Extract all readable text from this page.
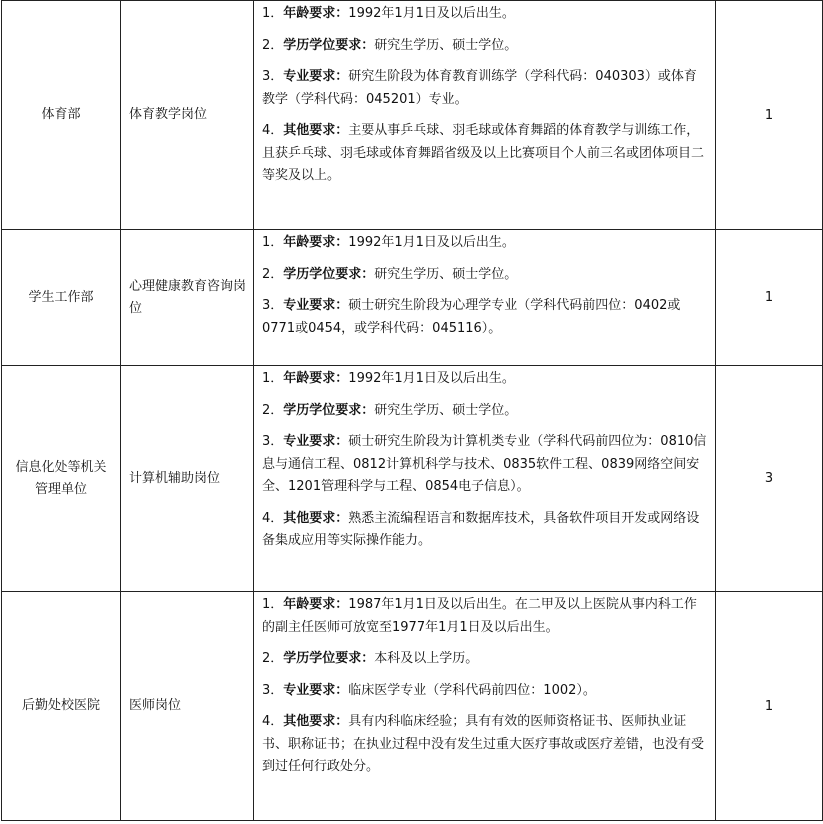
体育部	体育教学岗位	1．年龄要求：1992年1月1日及以后出生。
2．学历学位要求：研究生学历、硕士学位。
3．专业要求：研究生阶段为体育教育训练学（学科代码：040303）或体育教学（学科代码：045201）专业。
4．其他要求：主要从事乒乓球、羽毛球或体育舞蹈的体育教学与训练工作，且获乒乓球、羽毛球或体育舞蹈省级及以上比赛项目个人前三名或团体项目二等奖及以上。	1
学生工作部	心理健康教育咨询岗位	1．年龄要求：1992年1月1日及以后出生。
2．学历学位要求：研究生学历、硕士学位。
3．专业要求：硕士研究生阶段为心理学专业（学科代码前四位：0402或0771或0454，或学科代码：045116）。	1
信息化处等机关管理单位	计算机辅助岗位	1．年龄要求：1992年1月1日及以后出生。
2．学历学位要求：研究生学历、硕士学位。
3．专业要求：硕士研究生阶段为计算机类专业（学科代码前四位为：0810信息与通信工程、0812计算机科学与技术、0835软件工程、0839网络空间安全、1201管理科学与工程、0854电子信息）。
4．其他要求：熟悉主流编程语言和数据库技术，具备软件项目开发或网络设备集成应用等实际操作能力。	3
后勤处校医院	医师岗位	1．年龄要求：1987年1月1日及以后出生。在二甲及以上医院从事内科工作的副主任医师可放宽至1977年1月1日及以后出生。
2．学历学位要求：本科及以上学历。
3．专业要求：临床医学专业（学科代码前四位：1002）。
4．其他要求：具有内科临床经验；具有有效的医师资格证书、医师执业证书、职称证书；在执业过程中没有发生过重大医疗事故或医疗差错，也没有受到过任何行政处分。	1
